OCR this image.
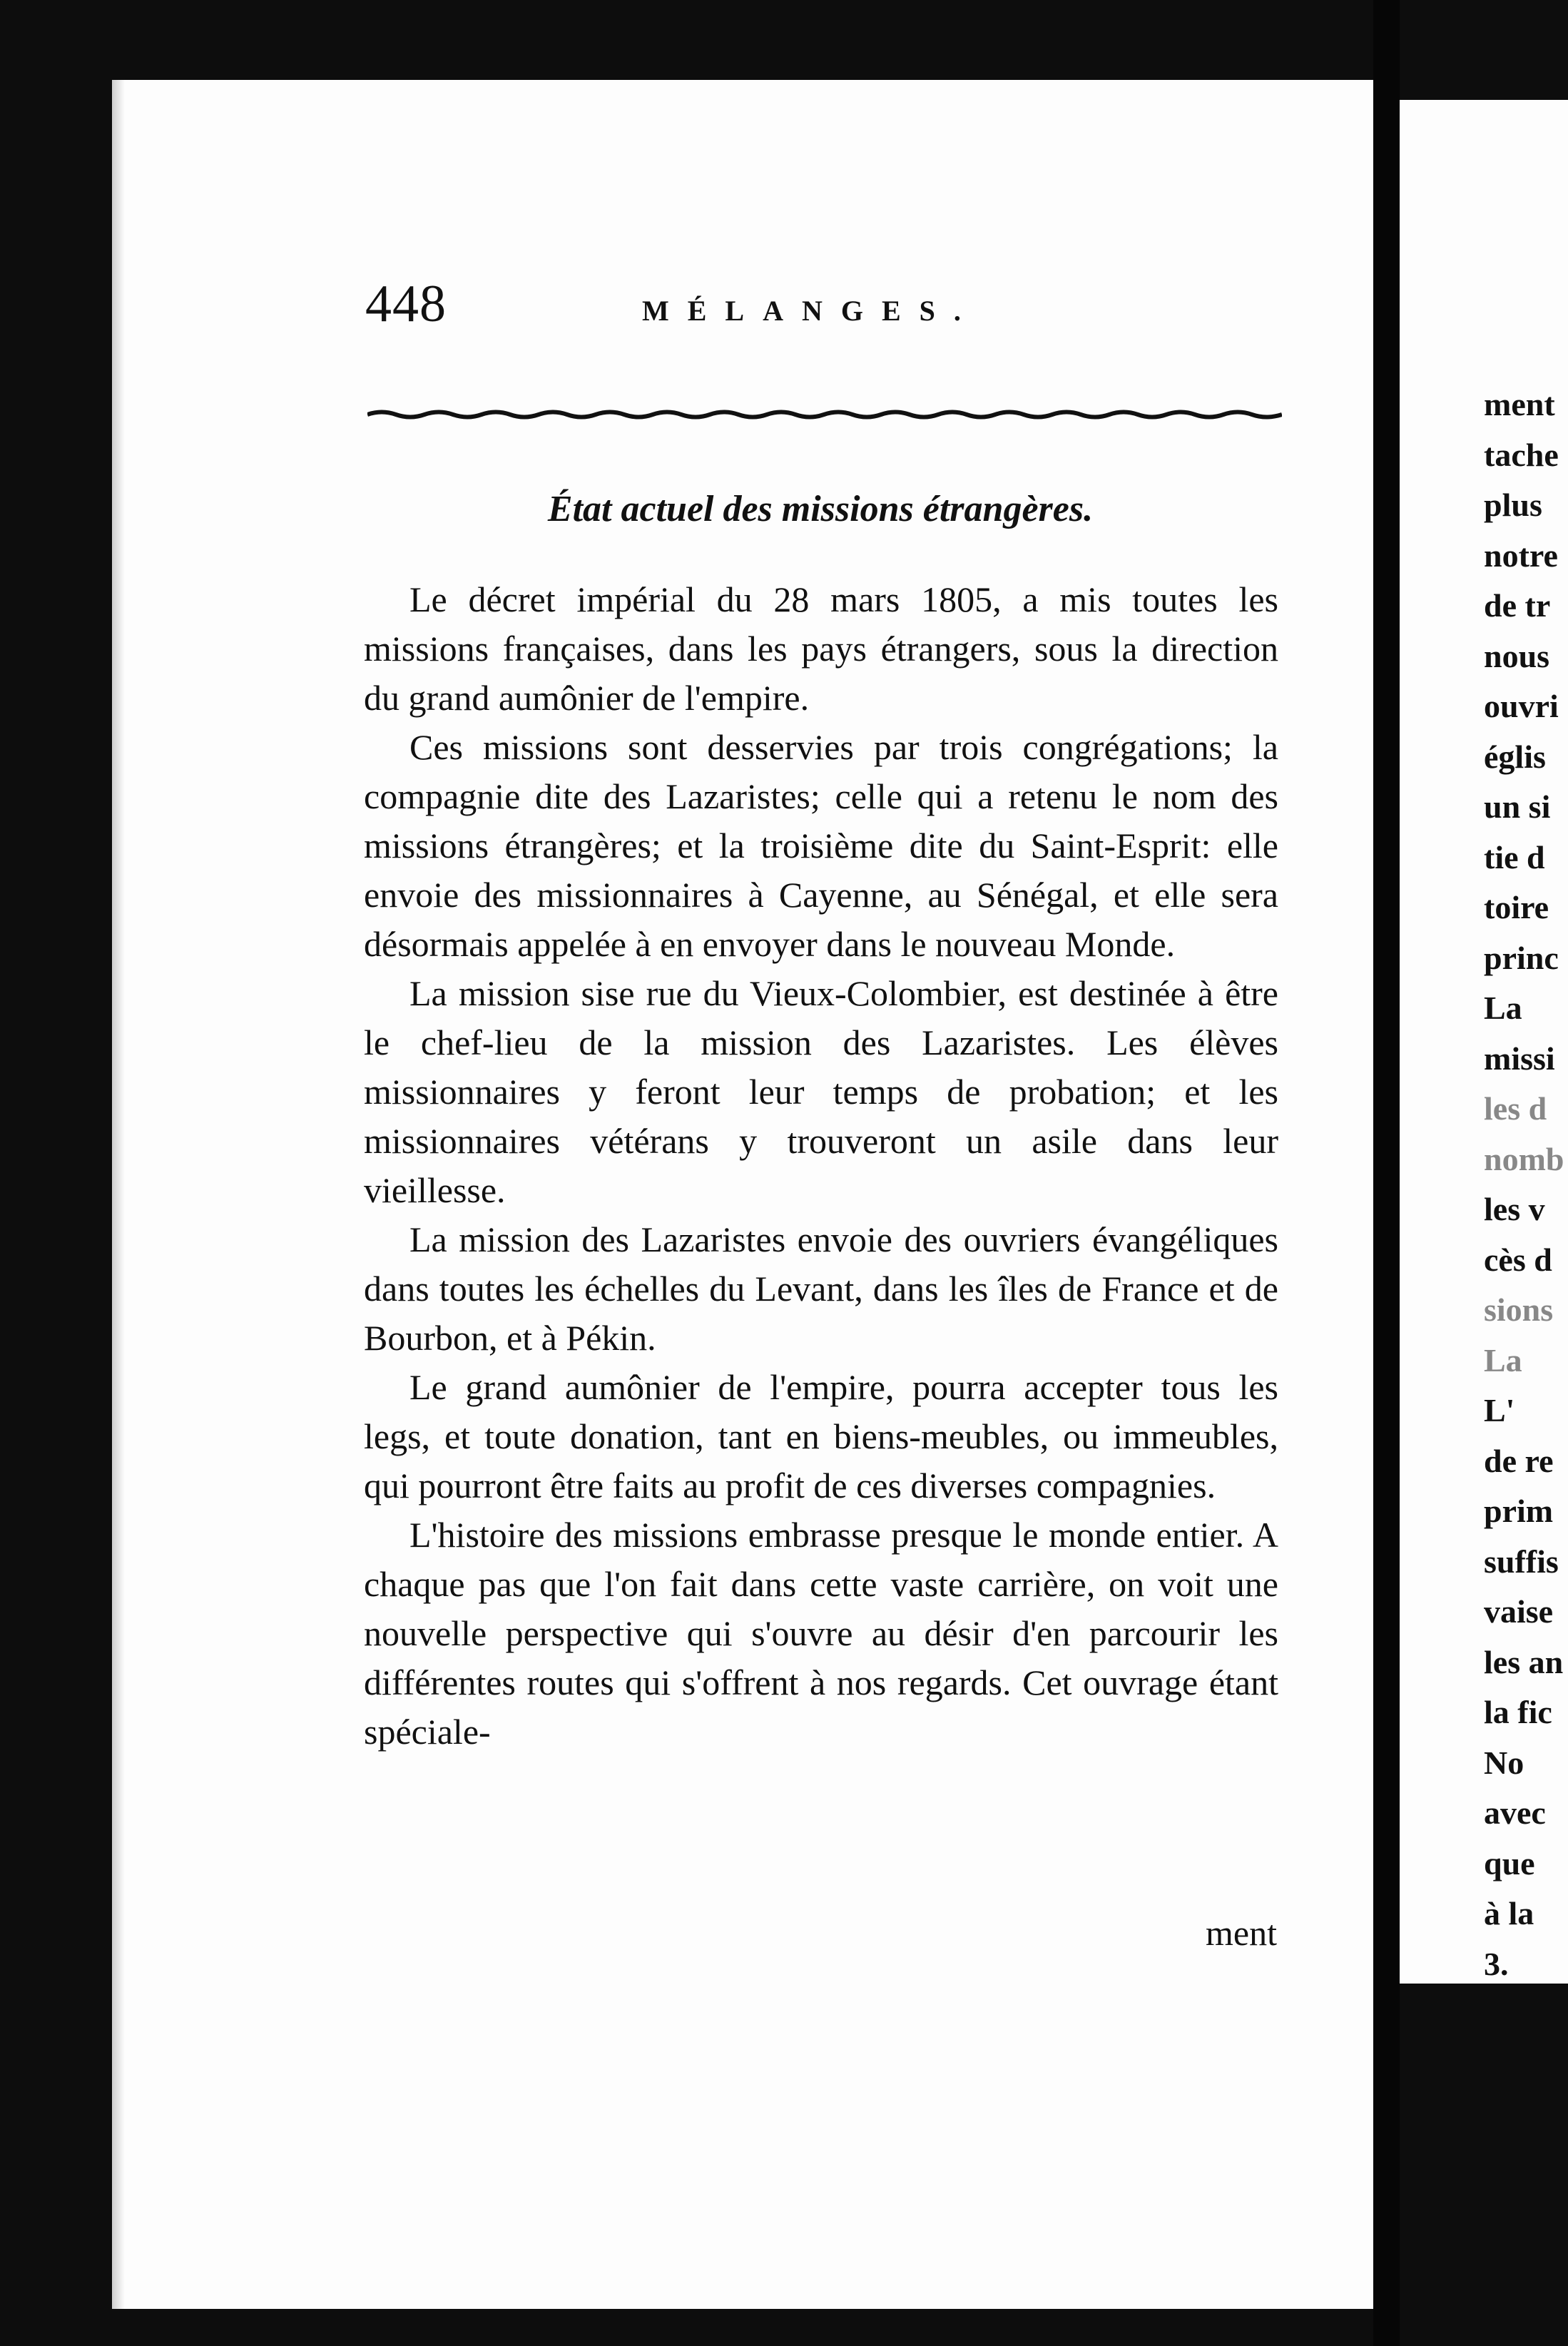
448	MÉLANGES.
État actuel des missions étrangères.

Le décret impérial du 28 mars 1805, a mis toutes les missions françaises, dans les pays étrangers, sous la direction du grand aumônier de l'empire.

Ces missions sont desservies par trois congrégations; la compagnie dite des Lazaristes; celle qui a retenu le nom des missions étrangères; et la troisième dite du Saint-Esprit: elle envoie des missionnaires à Cayenne, au Sénégal, et elle sera désormais appelée à en envoyer dans le nouveau Monde.

La mission sise rue du Vieux-Colombier, est destinée à être le chef-lieu de la mission des Lazaristes. Les élèves missionnaires y feront leur temps de probation; et les missionnaires vétérans y trouveront un asile dans leur vieillesse.

La mission des Lazaristes envoie des ouvriers évangéliques dans toutes les échelles du Levant, dans les îles de France et de Bourbon, et à Pékin.

Le grand aumônier de l'empire, pourra accepter tous les legs, et toute donation, tant en biens-meubles, ou immeubles, qui pourront être faits au profit de ces diverses compagnies.

L'histoire des missions embrasse presque le monde entier. A chaque pas que l'on fait dans cette vaste carrière, on voit une nouvelle perspective qui s'ouvre au désir d'en parcourir les différentes routes qui s'offrent à nos regards. Cet ouvrage étant spéciale-

ment
ment
tache
plus
notre
de tr
nous
ouvri
églis
un si
tie d
toire
princ
La
missi
les d
nomb
les v
cès d
sions
La
L'
de re
prim
suffis
vaise
les an
la fic
No
avec
que
à la
3.
